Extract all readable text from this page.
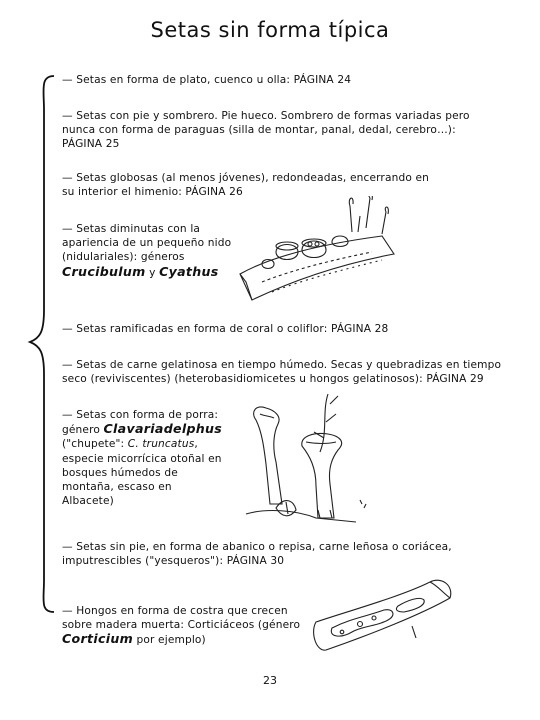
Setas sin forma típica
— Setas en forma de plato, cuenco u olla: PÁGINA 24
— Setas con pie y sombrero. Pie hueco. Sombrero de formas variadas pero
nunca con forma de paraguas (silla de montar, panal, dedal, cerebro…):
PÁGINA 25
— Setas globosas (al menos jóvenes), redondeadas, encerrando en
su interior el himenio: PÁGINA 26
— Setas diminutas con la
apariencia de un pequeño nido
(nidulariales): géneros
Crucibulum y Cyathus
— Setas ramificadas en forma de coral o coliflor: PÁGINA 28
— Setas de carne gelatinosa en tiempo húmedo. Secas y quebradizas en tiempo
seco (reviviscentes) (heterobasidiomicetes u hongos gelatinosos): PÁGINA 29
— Setas con forma de porra:
género Clavariadelphus
("chupete": C. truncatus,
especie micorrícica otoñal en
bosques húmedos de
montaña, escaso en
Albacete)
— Setas sin pie, en forma de abanico o repisa, carne leñosa o coriácea,
imputrescibles ("yesqueros"): PÁGINA 30
— Hongos en forma de costra que crecen
sobre madera muerta: Corticiáceos (género
Corticium por ejemplo)
23
